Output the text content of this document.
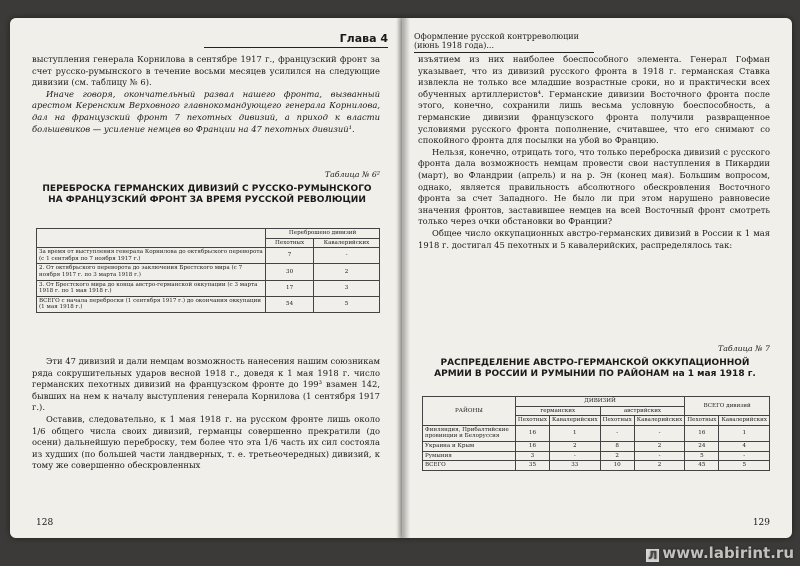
Глава 4

выступления генерала Корнилова в сентябре 1917 г., французский фронт за счет русско-румынского в течение восьми месяцев усилился на следующие дивизии (см. таблицу № 6).

Иначе говоря, окончательный развал нашего фронта, вызванный арестом Керенским Верховного главнокомандующего генерала Корнилова, дал на французский фронт 7 пехотных дивизий, а приход к власти большевиков — усиление немцев во Франции на 47 пехотных дивизий¹.

Таблица № 6²
ПЕРЕБРОСКА ГЕРМАНСКИХ ДИВИЗИЙ С РУССКО-РУМЫНСКОГО НА ФРАНЦУЗСКИЙ ФРОНТ ЗА ВРЕМЯ РУССКОЙ РЕВОЛЮЦИИ
	Переброшено дивизий	
	Пехотных	Кавалерийских
За время от выступления генерала Корнилова до октябрьского переворота (с 1 сентября по 7 ноября 1917 г.)	7	-
2. От октябрьского переворота до заключения Брестского мира (с 7 ноября 1917 г. по 3 марта 1918 г.)	30	2
3. От Брестского мира до конца австро-германской оккупации (с 3 марта 1918 г. по 1 мая 1918 г.)	17	3
ВСЕГО с начала переброски (1 сентября 1917 г.) до окончания оккупации (1 мая 1918 г.)	54	5

Эти 47 дивизий и дали немцам возможность нанесения нашим союзникам ряда сокрушительных ударов весной 1918 г., доведя к 1 мая 1918 г. число германских пехотных дивизий на французском фронте до 199³ взамен 142, бывших на нем к началу выступления генерала Корнилова (1 сентября 1917 г.).

Оставив, следовательно, к 1 мая 1918 г. на русском фронте лишь около 1/6 общего числа своих дивизий, германцы совершенно прекратили (до осени) дальнейшую переброску, тем более что эта 1/6 часть их сил состояла из худших (по большей части ландверных, т. е. третьеочередных) дивизий, к тому же совершенно обескровленных

128
Оформление русской контрреволюции (июнь 1918 года)...

изъятием из них наиболее боеспособного элемента. Генерал Гофман указывает, что из дивизий русского фронта в 1918 г. германская Ставка извлекла не только все младшие возрастные сроки, но и практически всех обученных артиллеристов⁴. Германские дивизии Восточного фронта после этого, конечно, сохранили лишь весьма условную боеспособность, а германские дивизии французского фронта получили развращенное условиями русского фронта пополнение, считавшее, что его снимают со спокойного фронта для посылки на убой во Францию.

Нельзя, конечно, отрицать того, что только переброска дивизий с русского фронта дала возможность немцам провести свои наступления в Пикардии (март), во Фландрии (апрель) и на р. Эн (конец мая). Большим вопросом, однако, является правильность абсолютного обескровления Восточного фронта за счет Западного. Не было ли при этом нарушено равновесие значения фронтов, заставившее немцев на всей Восточный фронт смотреть только через очки обстановки во Франции?

Общее число оккупационных австро-германских дивизий в России к 1 мая 1918 г. достигал 45 пехотных и 5 кавалерийских, распределялось так:

Таблица № 7
РАСПРЕДЕЛЕНИЕ АВСТРО-ГЕРМАНСКОЙ ОККУПАЦИОННОЙ АРМИИ В РОССИИ И РУМЫНИИ ПО РАЙОНАМ на 1 мая 1918 г.
РАЙОНЫ	ДИВИЗИЙ				ВСЕГО дивизий	
	германских		австрийских			
	Пехотных	Кавалерийских	Пехотных	Кавалерийских	Пехотных	Кавалерийских
Финляндия, Прибалтийские провинции и Белоруссия	16	1	-	-	16	1
Украина и Крым	16	2	8	2	24	4
Румыния	3	-	2	-	5	-
ВСЕГО	35	33	10	2	45	5
129
Л www.labirint.ru
